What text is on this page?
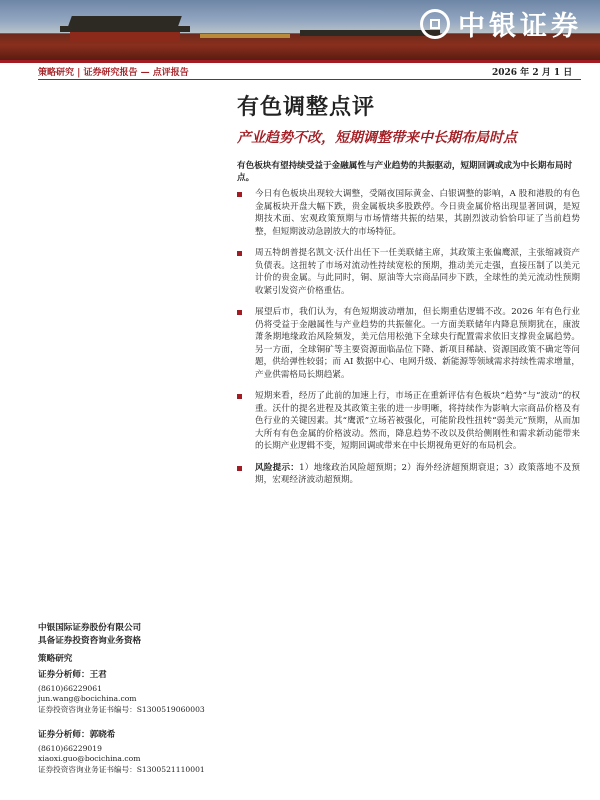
中银证券
策略研究 | 证券研究报告 — 点评报告	2026 年 2 月 1 日
有色调整点评
产业趋势不改，短期调整带来中长期布局时点
有色板块有望持续受益于金融属性与产业趋势的共振驱动，短期回调或成为中长期布局时点。
今日有色板块出现较大调整，受隔夜国际黄金、白银调整的影响，A 股和港股的有色金属板块开盘大幅下跌，贵金属板块多股跌停。今日贵金属价格出现显著回调，是短期技术面、宏观政策预期与市场情绪共振的结果，其剧烈波动恰恰印证了当前趋势整，但短期波动急剧放大的市场特征。
周五特朗普提名凯文·沃什出任下一任美联储主席，其政策主张偏鹰派，主张缩减资产负债表。这扭转了市场对流动性持续宽松的预期，推动美元走强，直接压制了以美元计价的贵金属。与此同时，铜、原油等大宗商品同步下跌，全球性的美元流动性预期收紧引发资产价格重估。
展望后市，我们认为，有色短期波动增加，但长期重估逻辑不改。2026 年有色行业仍将受益于金融属性与产业趋势的共振催化。一方面美联储年内降息预期犹在，康波萧条期地缘政治风险频发，美元信用松弛下全球央行配置需求依旧支撑贵金属趋势。另一方面，全球铜矿等主要资源面临品位下降、新项目稀缺、资源国政策不确定等问题，供给弹性较弱；而 AI 数据中心、电网升级、新能源等领域需求持续性需求增量，产业供需格局长期趋紧。
短期来看，经历了此前的加速上行，市场正在重新评估有色板块“趋势”与“波动”的权重。沃什的提名进程及其政策主张的进一步明晰，将持续作为影响大宗商品价格及有色行业的关键因素。其“鹰派”立场若被强化，可能阶段性扭转“弱美元”预期，从而加大所有有色金属的价格波动。然而，降息趋势不改以及供给侧刚性和需求新动能带来的长期产业逻辑不变，短期回调或带来在中长期视角更好的布局机会。
风险提示：1）地缘政治风险超预期；2）海外经济超预期衰退；3）政策落地不及预期，宏观经济波动超预期。
中银国际证券股份有限公司
具备证券投资咨询业务资格
策略研究
证券分析师：王君
(8610)66229061
jun.wang@bocichina.com
证券投资咨询业务证书编号：S1300519060003
证券分析师：郭晓希
(8610)66229019
xiaoxi.guo@bocichina.com
证券投资咨询业务证书编号：S1300521110001
